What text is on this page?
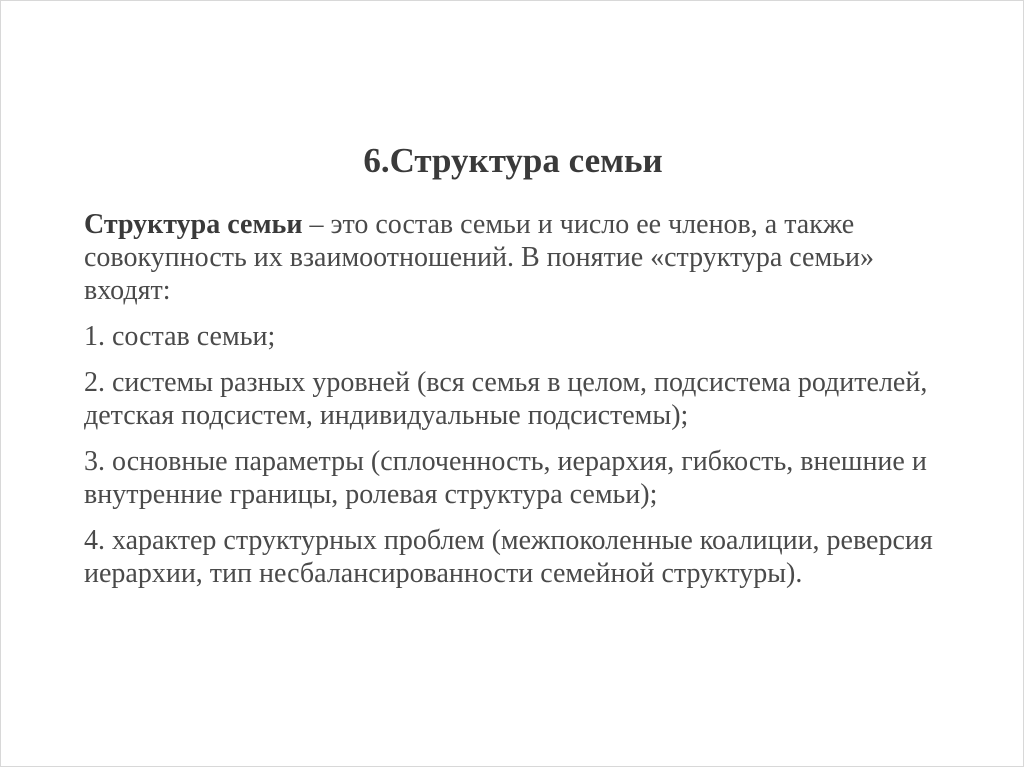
6.Структура семьи

Структура семьи – это состав семьи и число ее членов, а также совокупность их взаимоотношений. В понятие «структура семьи» входят:

1. состав семьи;

2. системы разных уровней (вся семья в целом, подсистема родителей, детская подсистем, индивидуальные подсистемы);

3. основные параметры (сплоченность, иерархия, гибкость, внешние и внутренние границы, ролевая структура семьи);

4. характер структурных проблем (межпоколенные коалиции, реверсия иерархии, тип несбалансированности семейной структуры).
